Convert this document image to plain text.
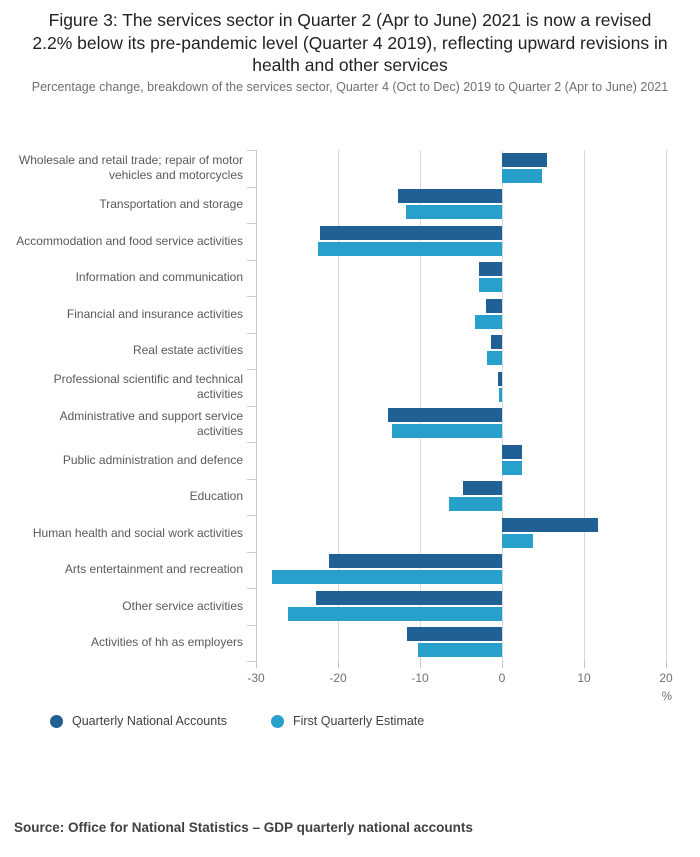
Figure 3: The services sector in Quarter 2 (Apr to June) 2021 is now a revised 2.2% below its pre-pandemic level (Quarter 4 2019), reflecting upward revisions in health and other services
Percentage change, breakdown of the services sector, Quarter 4 (Oct to Dec) 2019 to Quarter 2 (Apr to June) 2021
-30	-20	-10	0	10	20
%
Wholesale and retail trade; repair of motor vehicles and motorcycles
Transportation and storage
Accommodation and food service activities
Information and communication
Financial and insurance activities
Real estate activities
Professional scientific and technical activities
Administrative and support service activities
Public administration and defence
Education
Human health and social work activities
Arts entertainment and recreation
Other service activities
Activities of hh as employers
Quarterly National Accounts	First Quarterly Estimate
Source: Office for National Statistics – GDP quarterly national accounts
